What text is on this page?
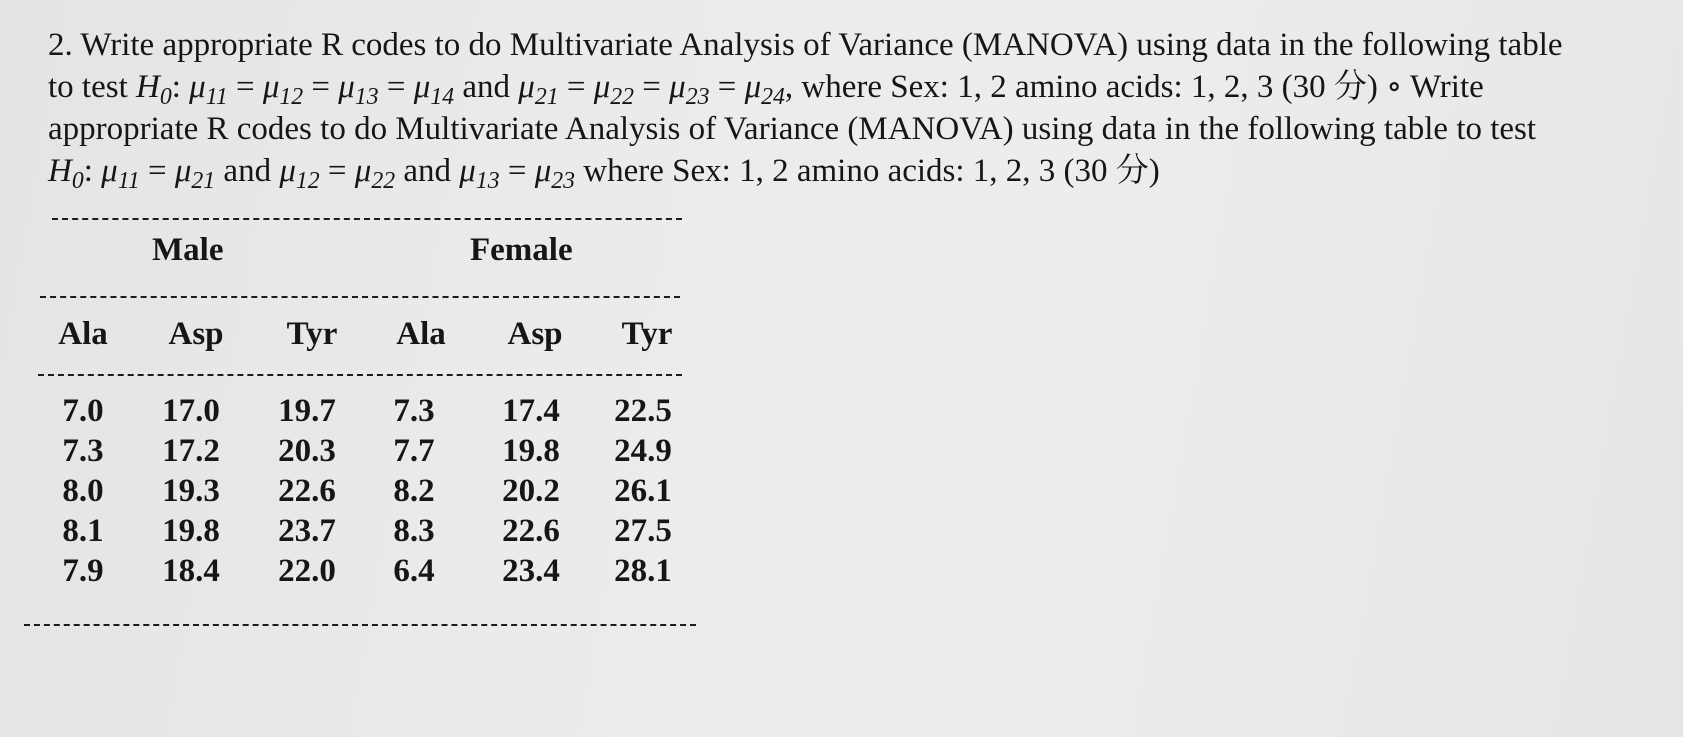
2. Write appropriate R codes to do Multivariate Analysis of Variance (MANOVA) using data in the following table
to test $H_0$: $\mu_{11} = \mu_{12} = \mu_{13} = \mu_{14}$ and $\mu_{21} = \mu_{22} = \mu_{23} = \mu_{24}$, where Sex: 1, 2 amino acids: 1, 2, 3 (30 分) ∘ Write
appropriate R codes to do Multivariate Analysis of Variance (MANOVA) using data in the following table to test
$H_0$: $\mu_{11} = \mu_{21}$ and $\mu_{12} = \mu_{22}$ and $\mu_{13} = \mu_{23}$ where Sex: 1, 2 amino acids: 1, 2, 3 (30 分)
Male	Female
Ala	Asp	Tyr	Ala	Asp	Tyr
7.0	17.0	19.7	7.3	17.4	22.5
7.3	17.2	20.3	7.7	19.8	24.9
8.0	19.3	22.6	8.2	20.2	26.1
8.1	19.8	23.7	8.3	22.6	27.5
7.9	18.4	22.0	6.4	23.4	28.1
